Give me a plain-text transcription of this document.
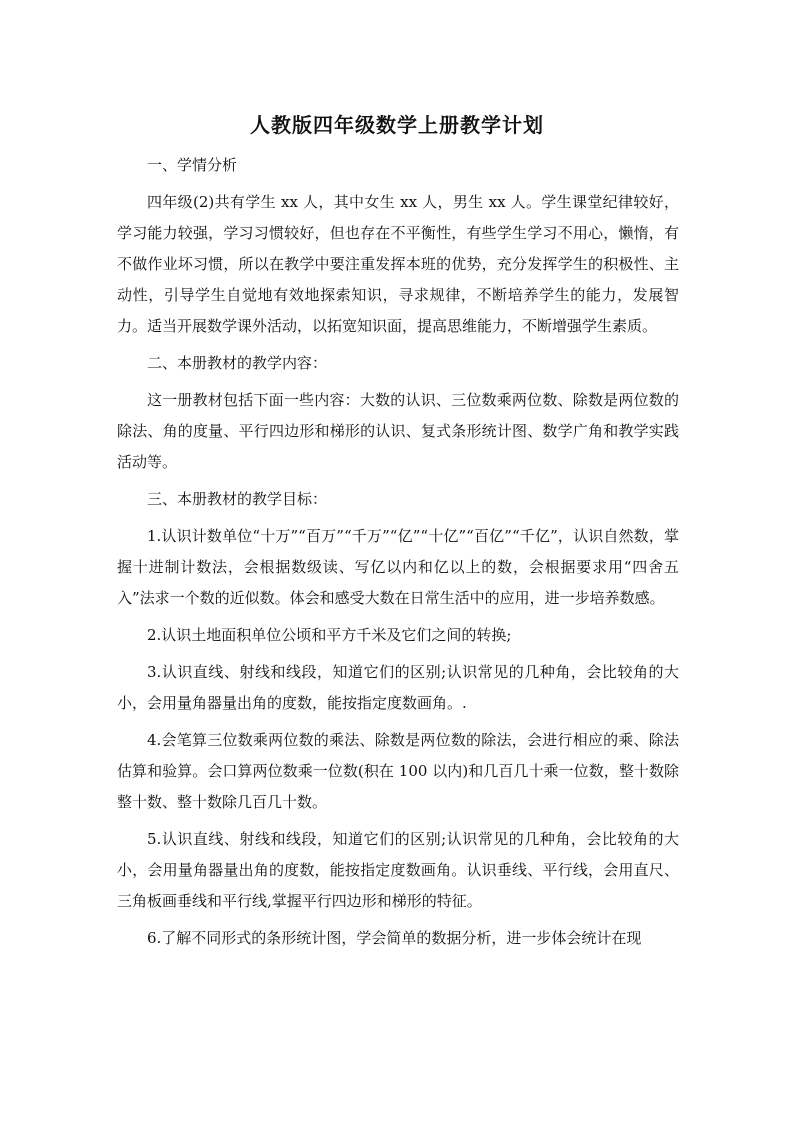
人教版四年级数学上册教学计划

一、学情分析

四年级(2)共有学生 xx 人，其中女生 xx 人，男生 xx 人。学生课堂纪律较好，学习能力较强，学习习惯较好，但也存在不平衡性，有些学生学习不用心，懒惰，有不做作业坏习惯，所以在教学中要注重发挥本班的优势，充分发挥学生的积极性、主动性，引导学生自觉地有效地探索知识，寻求规律，不断培养学生的能力，发展智力。适当开展数学课外活动，以拓宽知识面，提高思维能力，不断增强学生素质。

二、本册教材的教学内容：

这一册教材包括下面一些内容：大数的认识、三位数乘两位数、除数是两位数的除法、角的度量、平行四边形和梯形的认识、复式条形统计图、数学广角和教学实践活动等。

三、本册教材的教学目标：

1.认识计数单位“十万”“百万”“千万”“亿”“十亿”“百亿”“千亿”，认识自然数，掌握十进制计数法，会根据数级读、写亿以内和亿以上的数，会根据要求用“四舍五入”法求一个数的近似数。体会和感受大数在日常生活中的应用，进一步培养数感。

2.认识土地面积单位公顷和平方千米及它们之间的转换;

3.认识直线、射线和线段，知道它们的区别;认识常见的几种角，会比较角的大小，会用量角器量出角的度数，能按指定度数画角。.

4.会笔算三位数乘两位数的乘法、除数是两位数的除法，会进行相应的乘、除法估算和验算。会口算两位数乘一位数(积在 100 以内)和几百几十乘一位数，整十数除整十数、整十数除几百几十数。

5.认识直线、射线和线段，知道它们的区别;认识常见的几种角，会比较角的大小，会用量角器量出角的度数，能按指定度数画角。认识垂线、平行线，会用直尺、三角板画垂线和平行线,掌握平行四边形和梯形的特征。

6.了解不同形式的条形统计图，学会简单的数据分析，进一步体会统计在现
